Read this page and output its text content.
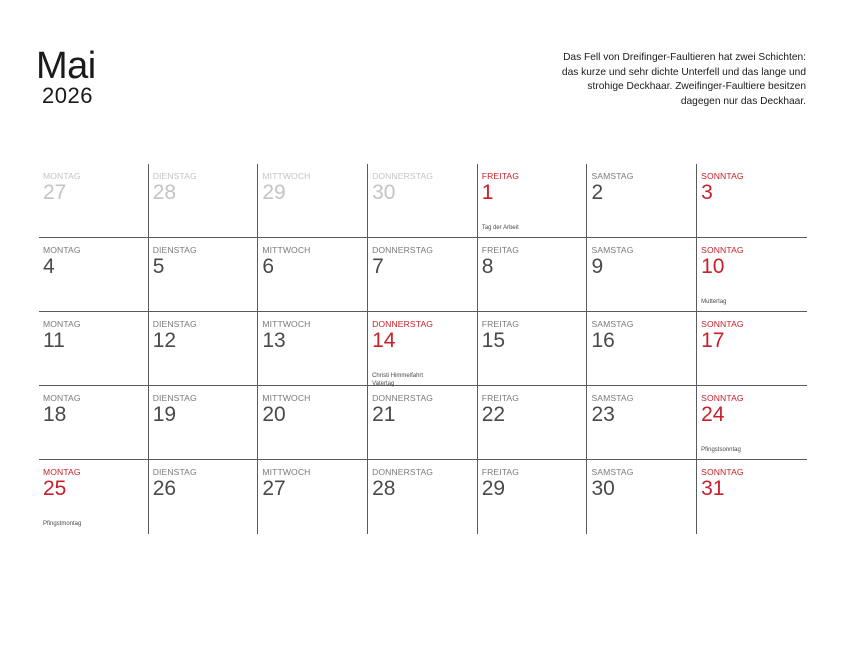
Mai
2026
Das Fell von Dreifinger-Faultieren hat zwei Schichten: das kurze und sehr dichte Unterfell und das lange und strohige Deckhaar. Zweifinger-Faultiere besitzen dagegen nur das Deckhaar.
MONTAG
27
DIENSTAG
28
MITTWOCH
29
DONNERSTAG
30
FREITAG
1
Tag der Arbeit
SAMSTAG
2
SONNTAG
3
MONTAG
4
DIENSTAG
5
MITTWOCH
6
DONNERSTAG
7
FREITAG
8
SAMSTAG
9
SONNTAG
10
Muttertag
MONTAG
11
DIENSTAG
12
MITTWOCH
13
DONNERSTAG
14
Christi Himmelfahrt
Vatertag
FREITAG
15
SAMSTAG
16
SONNTAG
17
MONTAG
18
DIENSTAG
19
MITTWOCH
20
DONNERSTAG
21
FREITAG
22
SAMSTAG
23
SONNTAG
24
Pfingstsonntag
MONTAG
25
Pfingstmontag
DIENSTAG
26
MITTWOCH
27
DONNERSTAG
28
FREITAG
29
SAMSTAG
30
SONNTAG
31
